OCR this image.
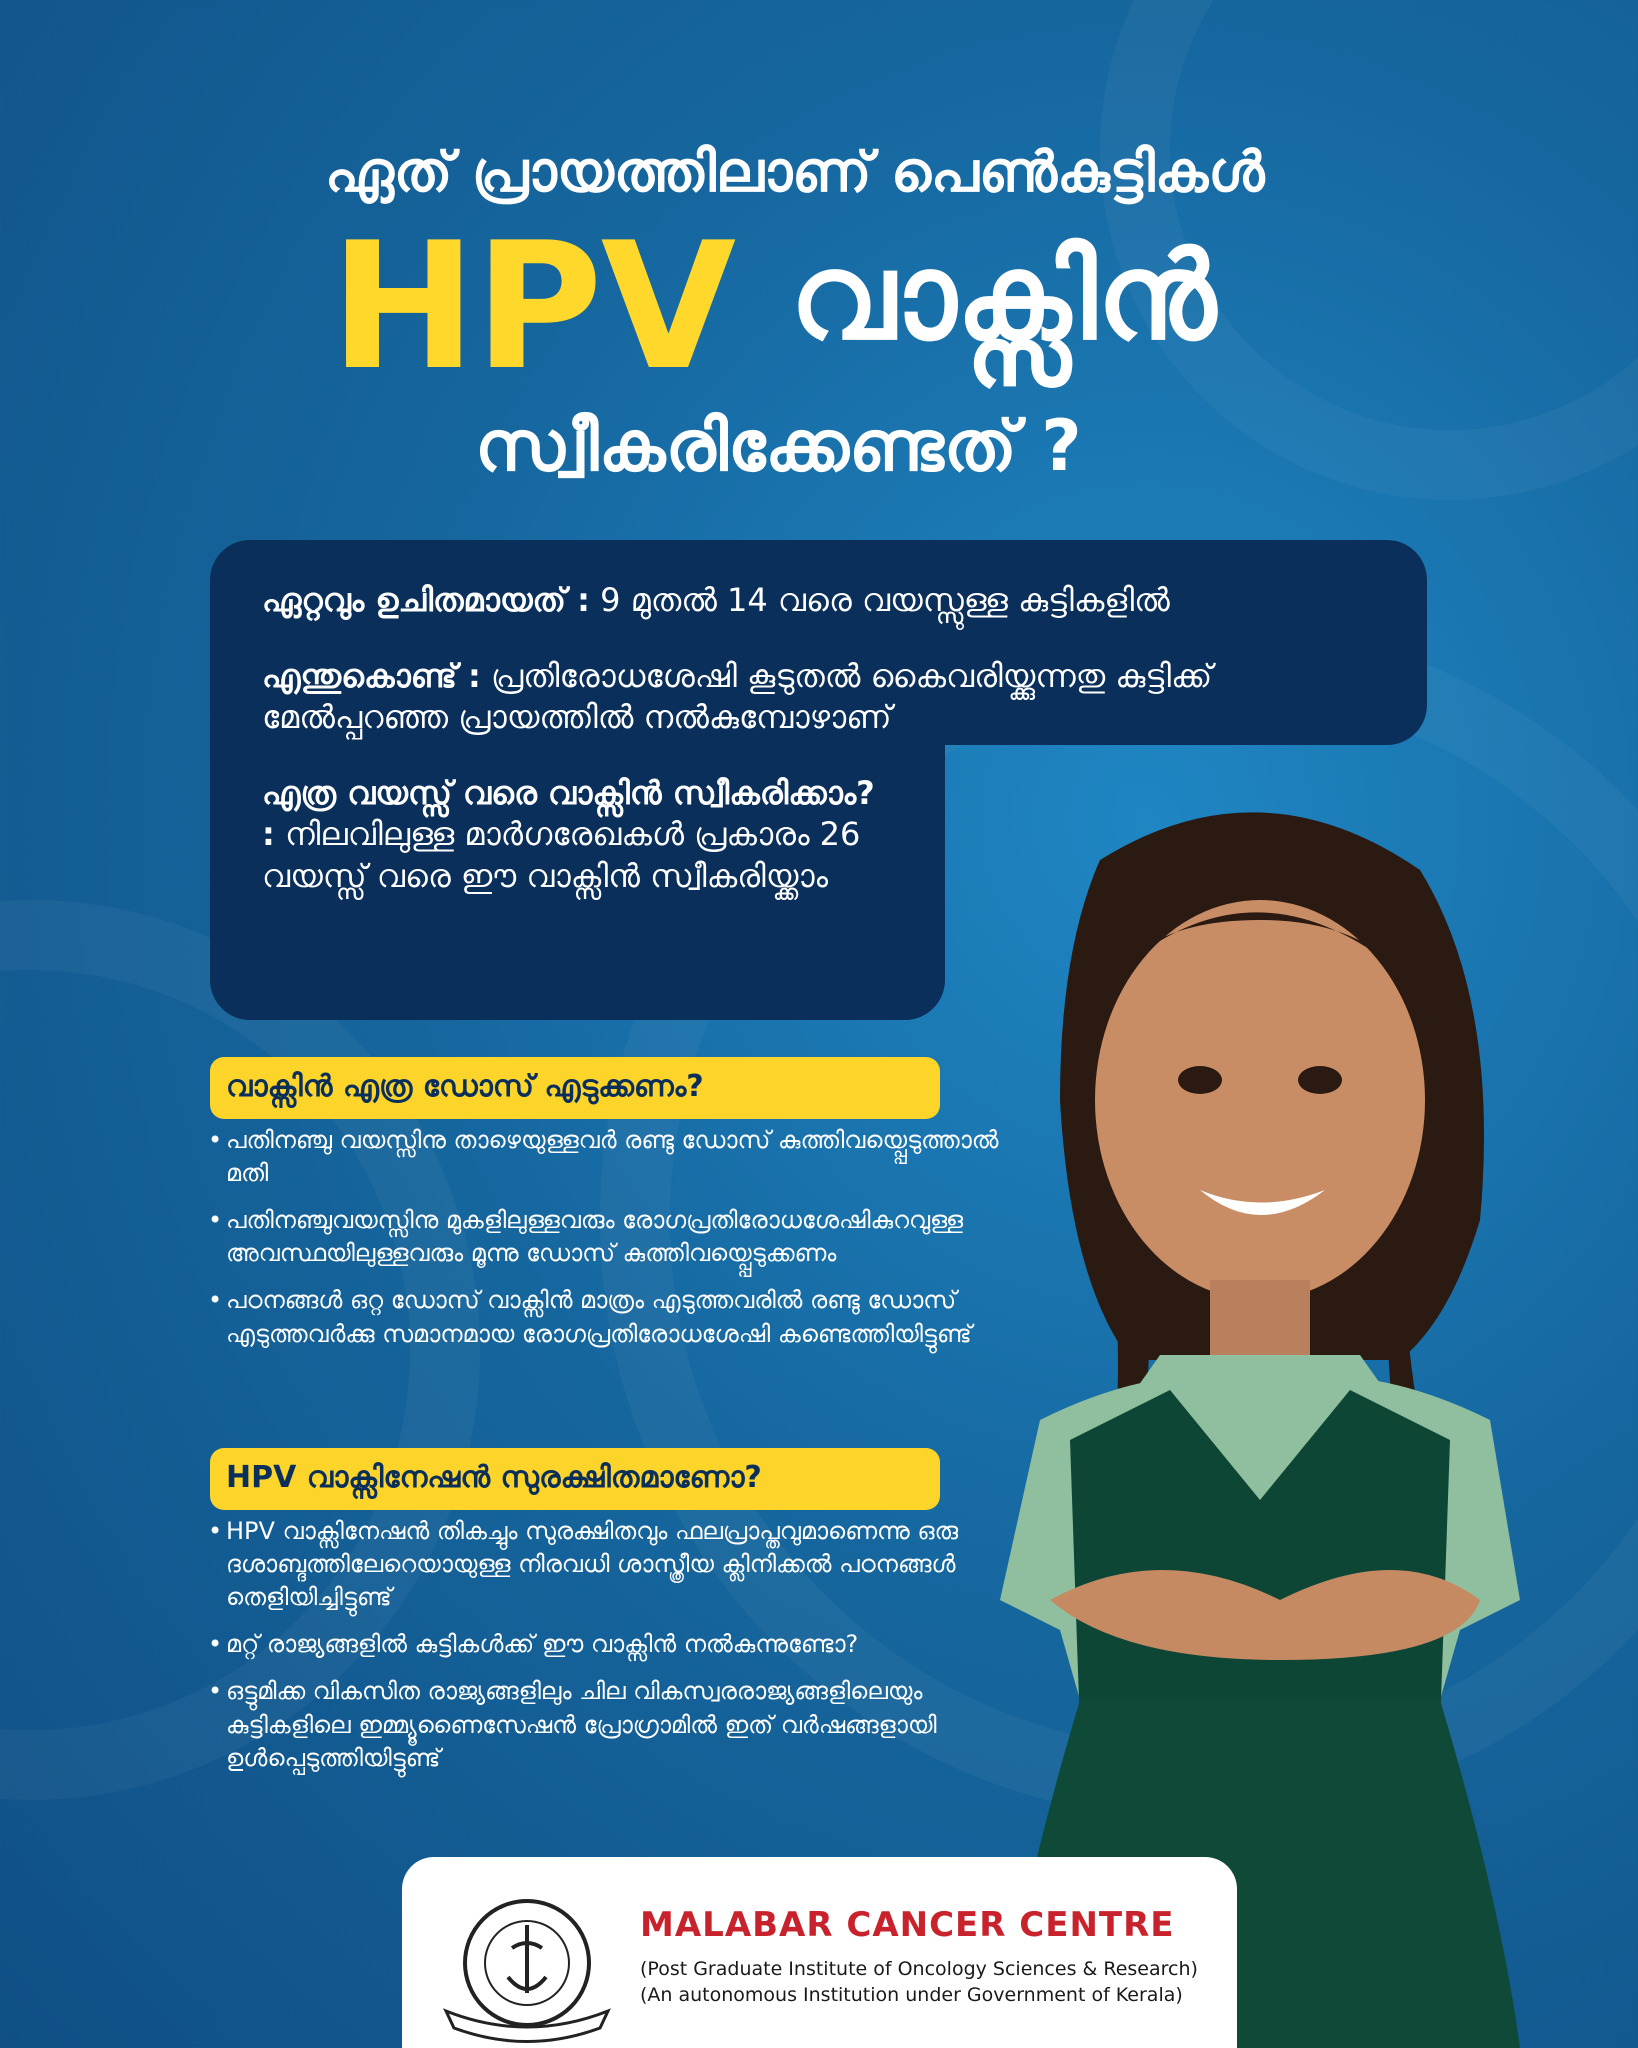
ഏത് പ്രായത്തിലാണ് പെൺകുട്ടികൾ
HPV വാക്സിൻ
സ്വീകരിക്കേണ്ടത് ?

ഏറ്റവും ഉചിതമായത് : 9 മുതൽ 14 വരെ വയസ്സുള്ള കുട്ടികളിൽ

എന്തുകൊണ്ട് : പ്രതിരോധശേഷി കൂടുതൽ കൈവരിയ്ക്കുന്നതു കുട്ടിക്ക് മേൽപ്പറഞ്ഞ പ്രായത്തിൽ നൽകുമ്പോഴാണ്

എത്ര വയസ്സ് വരെ വാക്സിൻ സ്വീകരിക്കാം? : നിലവിലുള്ള മാർഗരേഖകൾ പ്രകാരം 26 വയസ്സ് വരെ ഈ വാക്സിൻ സ്വീകരിയ്ക്കാം

വാക്സിൻ എത്ര ഡോസ് എടുക്കണം?
• പതിനഞ്ചു വയസ്സിനു താഴെയുള്ളവർ രണ്ടു ഡോസ് കുത്തിവയ്പ്പെടുത്താൽ മതി
• പതിനഞ്ചുവയസ്സിനു മുകളിലുള്ളവരും രോഗപ്രതിരോധശേഷികുറവുള്ള അവസ്ഥയിലുള്ളവരും മൂന്നു ഡോസ് കുത്തിവയ്പ്പെടുക്കണം
• പഠനങ്ങൾ ഒറ്റ ഡോസ് വാക്സിൻ മാത്രം എടുത്തവരിൽ രണ്ടു ഡോസ് എടുത്തവർക്കു സമാനമായ രോഗപ്രതിരോധശേഷി കണ്ടെത്തിയിട്ടുണ്ട്
HPV വാക്സിനേഷൻ സുരക്ഷിതമാണോ?
• HPV വാക്സിനേഷൻ തികച്ചും സുരക്ഷിതവും ഫലപ്രാപ്തവുമാണെന്നു ഒരു ദശാബ്ദത്തിലേറെയായുള്ള നിരവധി ശാസ്ത്രീയ ക്ലിനിക്കൽ പഠനങ്ങൾ തെളിയിച്ചിട്ടുണ്ട്
• മറ്റ് രാജ്യങ്ങളിൽ കുട്ടികൾക്ക് ഈ വാക്സിൻ നൽകുന്നുണ്ടോ?
• ഒട്ടുമിക്ക വികസിത രാജ്യങ്ങളിലും ചില വികസ്വരരാജ്യങ്ങളിലെയും കുട്ടികളിലെ ഇമ്മ്യൂണൈസേഷൻ പ്രോഗ്രാമിൽ ഇത് വർഷങ്ങളായി ഉൾപ്പെടുത്തിയിട്ടുണ്ട്
MALABAR CANCER CENTRE
(Post Graduate Institute of Oncology Sciences & Research)
(An autonomous Institution under Government of Kerala)
